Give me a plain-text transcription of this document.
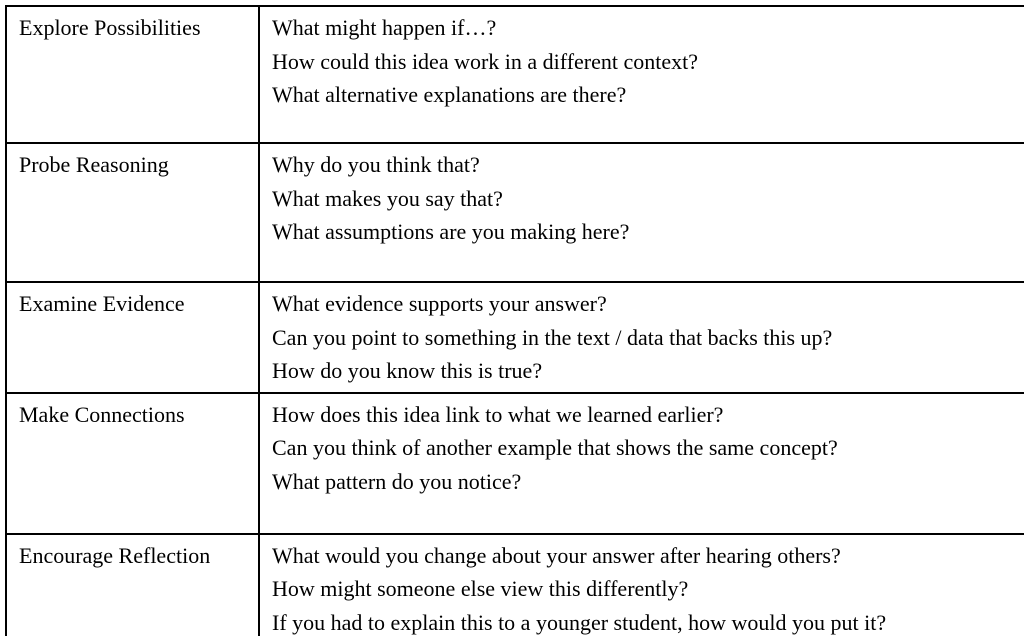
Explore Possibilities	What might happen if…?
How could this idea work in a different context?
What alternative explanations are there?

Probe Reasoning	Why do you think that?
What makes you say that?
What assumptions are you making here?

Examine Evidence	What evidence supports your answer?
Can you point to something in the text / data that backs this up?
How do you know this is true?

Make Connections	How does this idea link to what we learned earlier?
Can you think of another example that shows the same concept?
What pattern do you notice?

Encourage Reflection	What would you change about your answer after hearing others?
How might someone else view this differently?
If you had to explain this to a younger student, how would you put it?
